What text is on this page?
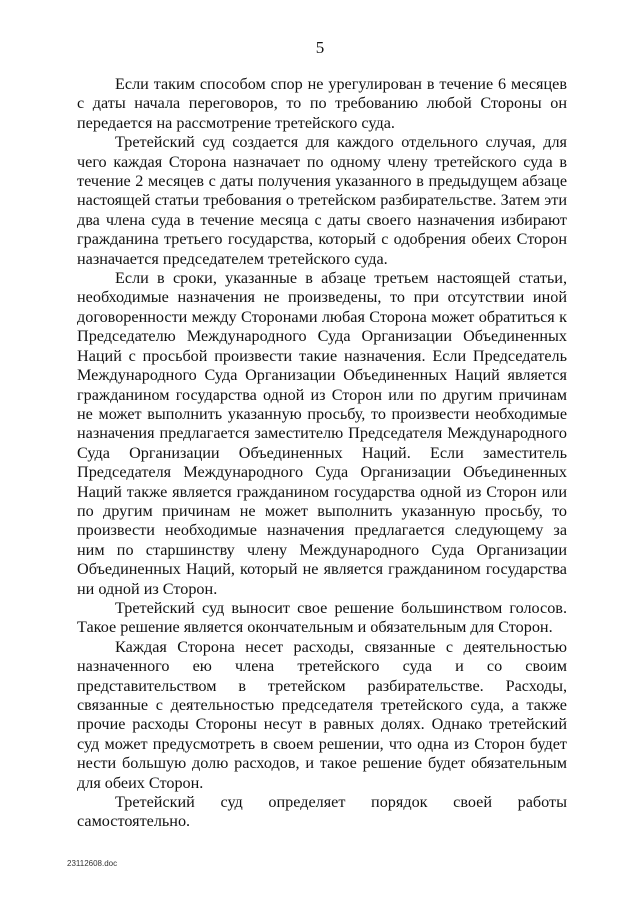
5

Если таким способом спор не урегулирован в течение 6 месяцев с даты начала переговоров, то по требованию любой Стороны он передается на рассмотрение третейского суда.

Третейский суд создается для каждого отдельного случая, для чего каждая Сторона назначает по одному члену третейского суда в течение 2 месяцев с даты получения указанного в предыдущем абзаце настоящей статьи требования о третейском разбирательстве. Затем эти два члена суда в течение месяца с даты своего назначения избирают гражданина третьего государства, который с одобрения обеих Сторон назначается председателем третейского суда.

Если в сроки, указанные в абзаце третьем настоящей статьи, необходимые назначения не произведены, то при отсутствии иной договоренности между Сторонами любая Сторона может обратиться к Председателю Международного Суда Организации Объединенных Наций с просьбой произвести такие назначения. Если Председатель Международного Суда Организации Объединенных Наций является гражданином государства одной из Сторон или по другим причинам не может выполнить указанную просьбу, то произвести необходимые назначения предлагается заместителю Председателя Международного Суда Организации Объединенных Наций. Если заместитель Председателя Международного Суда Организации Объединенных Наций также является гражданином государства одной из Сторон или по другим причинам не может выполнить указанную просьбу, то произвести необходимые назначения предлагается следующему за ним по старшинству члену Международного Суда Организации Объединенных Наций, который не является гражданином государства ни одной из Сторон.

Третейский суд выносит свое решение большинством голосов. Такое решение является окончательным и обязательным для Сторон.

Каждая Сторона несет расходы, связанные с деятельностью назначенного ею члена третейского суда и со своим представительством в третейском разбирательстве. Расходы, связанные с деятельностью председателя третейского суда, а также прочие расходы Стороны несут в равных долях. Однако третейский суд может предусмотреть в своем решении, что одна из Сторон будет нести большую долю расходов, и такое решение будет обязательным для обеих Сторон.

Третейский суд определяет порядок своей работы самостоятельно.

23112608.doc
